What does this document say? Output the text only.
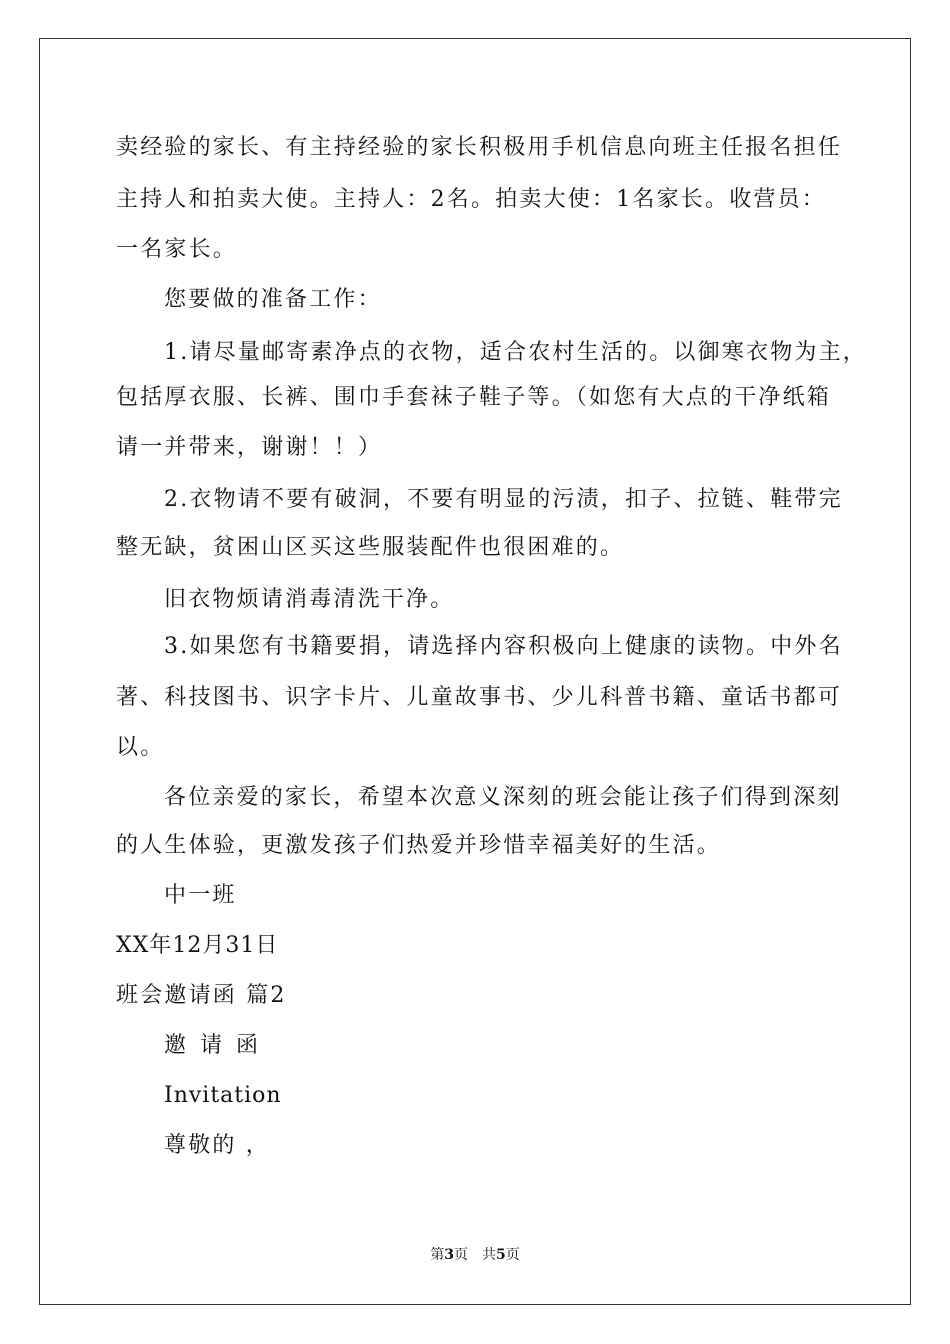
卖经验的家长、有主持经验的家长积极用手机信息向班主任报名担任
主持人和拍卖大使。主持人：2名。拍卖大使：1名家长。收营员：
一名家长。
您要做的准备工作：
1.请尽量邮寄素净点的衣物，适合农村生活的。以御寒衣物为主，
包括厚衣服、长裤、围巾手套袜子鞋子等。（如您有大点的干净纸箱
请一并带来，谢谢！！）
2.衣物请不要有破洞，不要有明显的污渍，扣子、拉链、鞋带完
整无缺，贫困山区买这些服装配件也很困难的。
旧衣物烦请消毒清洗干净。
3.如果您有书籍要捐，请选择内容积极向上健康的读物。中外名
著、科技图书、识字卡片、儿童故事书、少儿科普书籍、童话书都可
以。
各位亲爱的家长，希望本次意义深刻的班会能让孩子们得到深刻
的人生体验，更激发孩子们热爱并珍惜幸福美好的生活。
中一班
XX年12月31日
班会邀请函 篇2
邀请函
Invitation
尊敬的 ，
第3页 共5页
